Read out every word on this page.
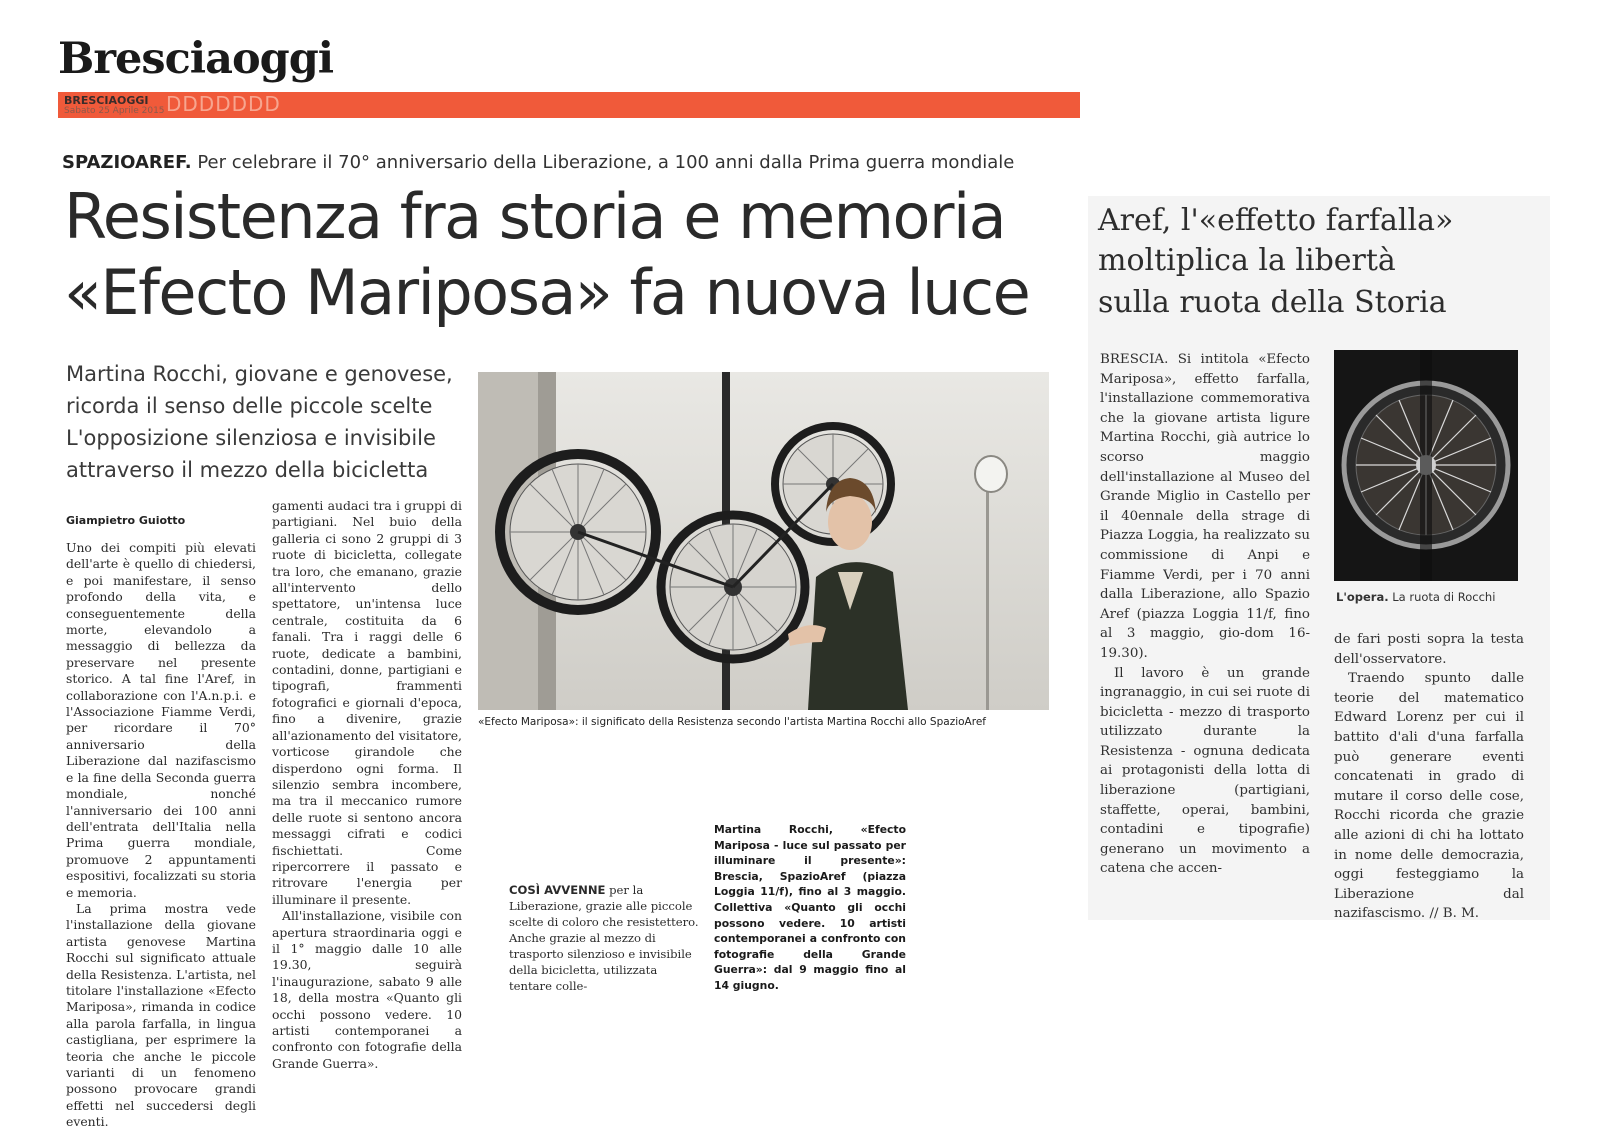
Bresciaoggi
BRESCIAOGGI
Sabato 25 Aprile 2015 DDDDDDD
SPAZIOAREF. Per celebrare il 70° anniversario della Liberazione, a 100 anni dalla Prima guerra mondiale
Resistenza fra storia e memoria
«Efecto Mariposa» fa nuova luce
Martina Rocchi, giovane e genovese, ricorda il senso delle piccole scelte L'opposizione silenziosa e invisibile attraverso il mezzo della bicicletta
Giampietro Guiotto

Uno dei compiti più elevati dell'arte è quello di chiedersi, e poi manifestare, il senso profondo della vita, e conseguentemente della morte, elevandolo a messaggio di bellezza da preservare nel presente storico. A tal fine l'Aref, in collaborazione con l'A.n.p.i. e l'Associazione Fiamme Verdi, per ricordare il 70° anniversario della Liberazione dal nazifascismo e la fine della Seconda guerra mondiale, nonché l'anniversario dei 100 anni dell'entrata dell'Italia nella Prima guerra mondiale, promuove 2 appuntamenti espositivi, focalizzati su storia e memoria.

La prima mostra vede l'installazione della giovane artista genovese Martina Rocchi sul significato attuale della Resistenza. L'artista, nel titolare l'installazione «Efecto Mariposa», rimanda in codice alla parola farfalla, in lingua castigliana, per esprimere la teoria che anche le piccole varianti di un fenomeno possono provocare grandi effetti nel succedersi degli eventi.

gamenti audaci tra i gruppi di partigiani. Nel buio della galleria ci sono 2 gruppi di 3 ruote di bicicletta, collegate tra loro, che emanano, grazie all'intervento dello spettatore, un'intensa luce centrale, costituita da 6 fanali. Tra i raggi delle 6 ruote, dedicate a bambini, contadini, donne, partigiani e tipografi, frammenti fotografici e giornali d'epoca, fino a divenire, grazie all'azionamento del visitatore, vorticose girandole che disperdono ogni forma. Il silenzio sembra incombere, ma tra il meccanico rumore delle ruote si sentono ancora messaggi cifrati e codici fischiettati. Come ripercorrere il passato e ritrovare l'energia per illuminare il presente.

All'installazione, visibile con apertura straordinaria oggi e il 1° maggio dalle 10 alle 19.30, seguirà l'inaugurazione, sabato 9 alle 18, della mostra «Quanto gli occhi possono vedere. 10 artisti contemporanei a confronto con fotografie della Grande Guerra».

«Efecto Mariposa»: il significato della Resistenza secondo l'artista Martina Rocchi allo SpazioAref
COSÌ AVVENNE per la Liberazione, grazie alle piccole scelte di coloro che resistettero. Anche grazie al mezzo di trasporto silenzioso e invisibile della bicicletta, utilizzata tentare colle-
Martina Rocchi, «Efecto Mariposa - luce sul passato per illuminare il presente»: Brescia, SpazioAref (piazza Loggia 11/f), fino al 3 maggio. Collettiva «Quanto gli occhi possono vedere. 10 artisti contemporanei a confronto con fotografie della Grande Guerra»: dal 9 maggio fino al 14 giugno.
Aref, l'«effetto farfalla»
moltiplica la libertà
sulla ruota della Storia

BRESCIA. Si intitola «Efecto Mariposa», effetto farfalla, l'installazione commemorativa che la giovane artista ligure Martina Rocchi, già autrice lo scorso maggio dell'installazione al Museo del Grande Miglio in Castello per il 40ennale della strage di Piazza Loggia, ha realizzato su commissione di Anpi e Fiamme Verdi, per i 70 anni dalla Liberazione, allo Spazio Aref (piazza Loggia 11/f, fino al 3 maggio, gio-dom 16-19.30).

Il lavoro è un grande ingranaggio, in cui sei ruote di bicicletta - mezzo di trasporto utilizzato durante la Resistenza - ognuna dedicata ai protagonisti della lotta di liberazione (partigiani, staffette, operai, bambini, contadini e tipografie) generano un movimento a catena che accen-

L'opera. La ruota di Rocchi

de fari posti sopra la testa dell'osservatore.

Traendo spunto dalle teorie del matematico Edward Lorenz per cui il battito d'ali d'una farfalla può generare eventi concatenati in grado di mutare il corso delle cose, Rocchi ricorda che grazie alle azioni di chi ha lottato in nome delle democrazia, oggi festeggiamo la Liberazione dal nazifascismo. // B. M.
